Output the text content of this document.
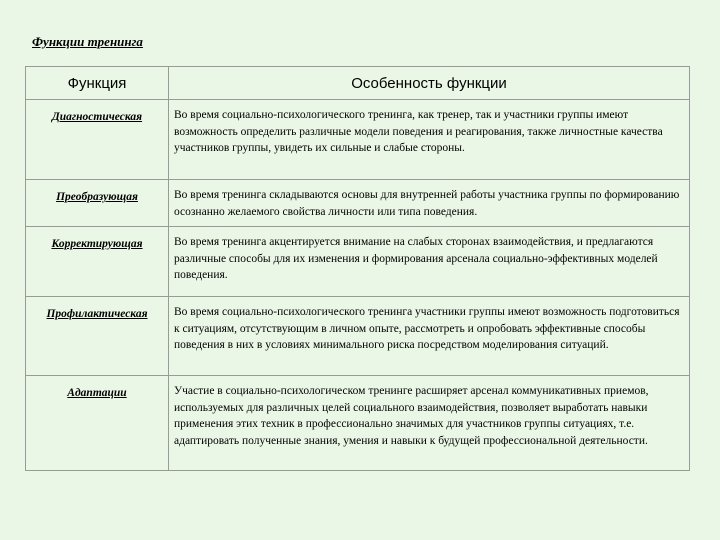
Функции тренинга
Функция	Особенность функции
Диагностическая	Во время социально-психологического тренинга, как тренер, так и участники группы имеют возможность определить различные модели поведения и реагирования, также личностные качества участников группы, увидеть их сильные и слабые стороны.
Преобразующая	Во время тренинга складываются основы для внутренней работы участника группы по формированию осознанно желаемого свойства личности или типа поведения.
Корректирующая	Во время тренинга акцентируется внимание на слабых сторонах взаимодействия, и предлагаются различные способы для их изменения и формирования арсенала социально-эффективных моделей поведения.
Профилактическая	Во время социально-психологического тренинга участники группы имеют возможность подготовиться к ситуациям, отсутствующим в личном опыте, рассмотреть и опробовать эффективные способы поведения в них в условиях минимального риска посредством моделирования ситуаций.
Адаптации	Участие в социально-психологическом тренинге расширяет арсенал коммуникативных приемов, используемых для различных целей социального взаимодействия, позволяет выработать навыки применения этих техник в профессионально значимых для участников группы ситуациях, т.е. адаптировать полученные знания, умения и навыки к будущей профессиональной деятельности.
